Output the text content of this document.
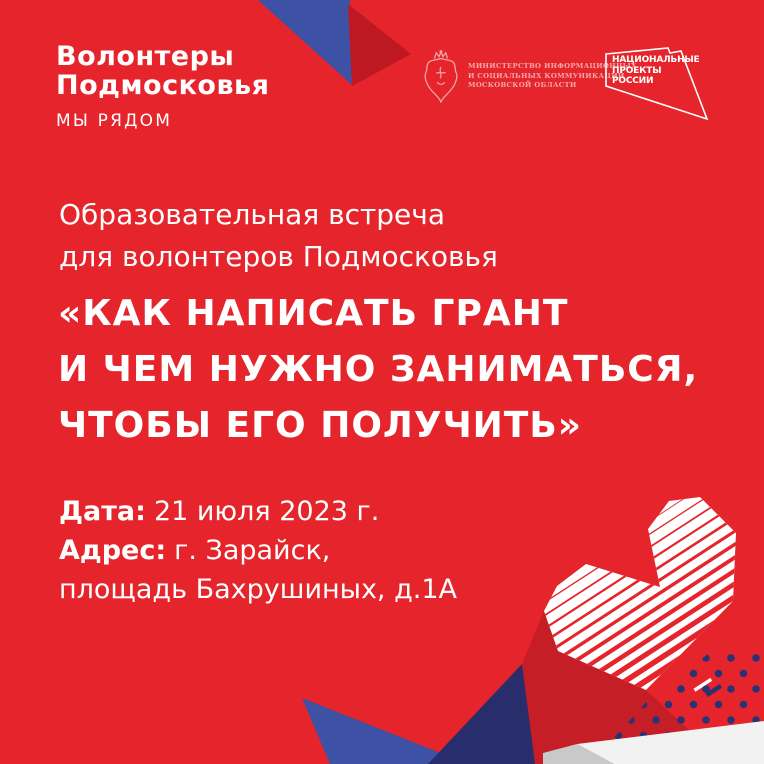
Волонтеры
Подмосковья
МЫ РЯДОМ
МИНИСТЕРСТВО ИНФОРМАЦИОННЫХ
И СОЦИАЛЬНЫХ КОММУНИКАЦИЙ
МОСКОВСКОЙ ОБЛАСТИ
НАЦИОНАЛЬНЫЕ
ПРОЕКТЫ
РОССИИ
Образовательная встреча
для волонтеров Подмосковья
«КАК НАПИСАТЬ ГРАНТ
И ЧЕМ НУЖНО ЗАНИМАТЬСЯ,
ЧТОБЫ ЕГО ПОЛУЧИТЬ»
Дата: 21 июля 2023 г.
Адрес: г. Зарайск,
площадь Бахрушиных, д.1А
